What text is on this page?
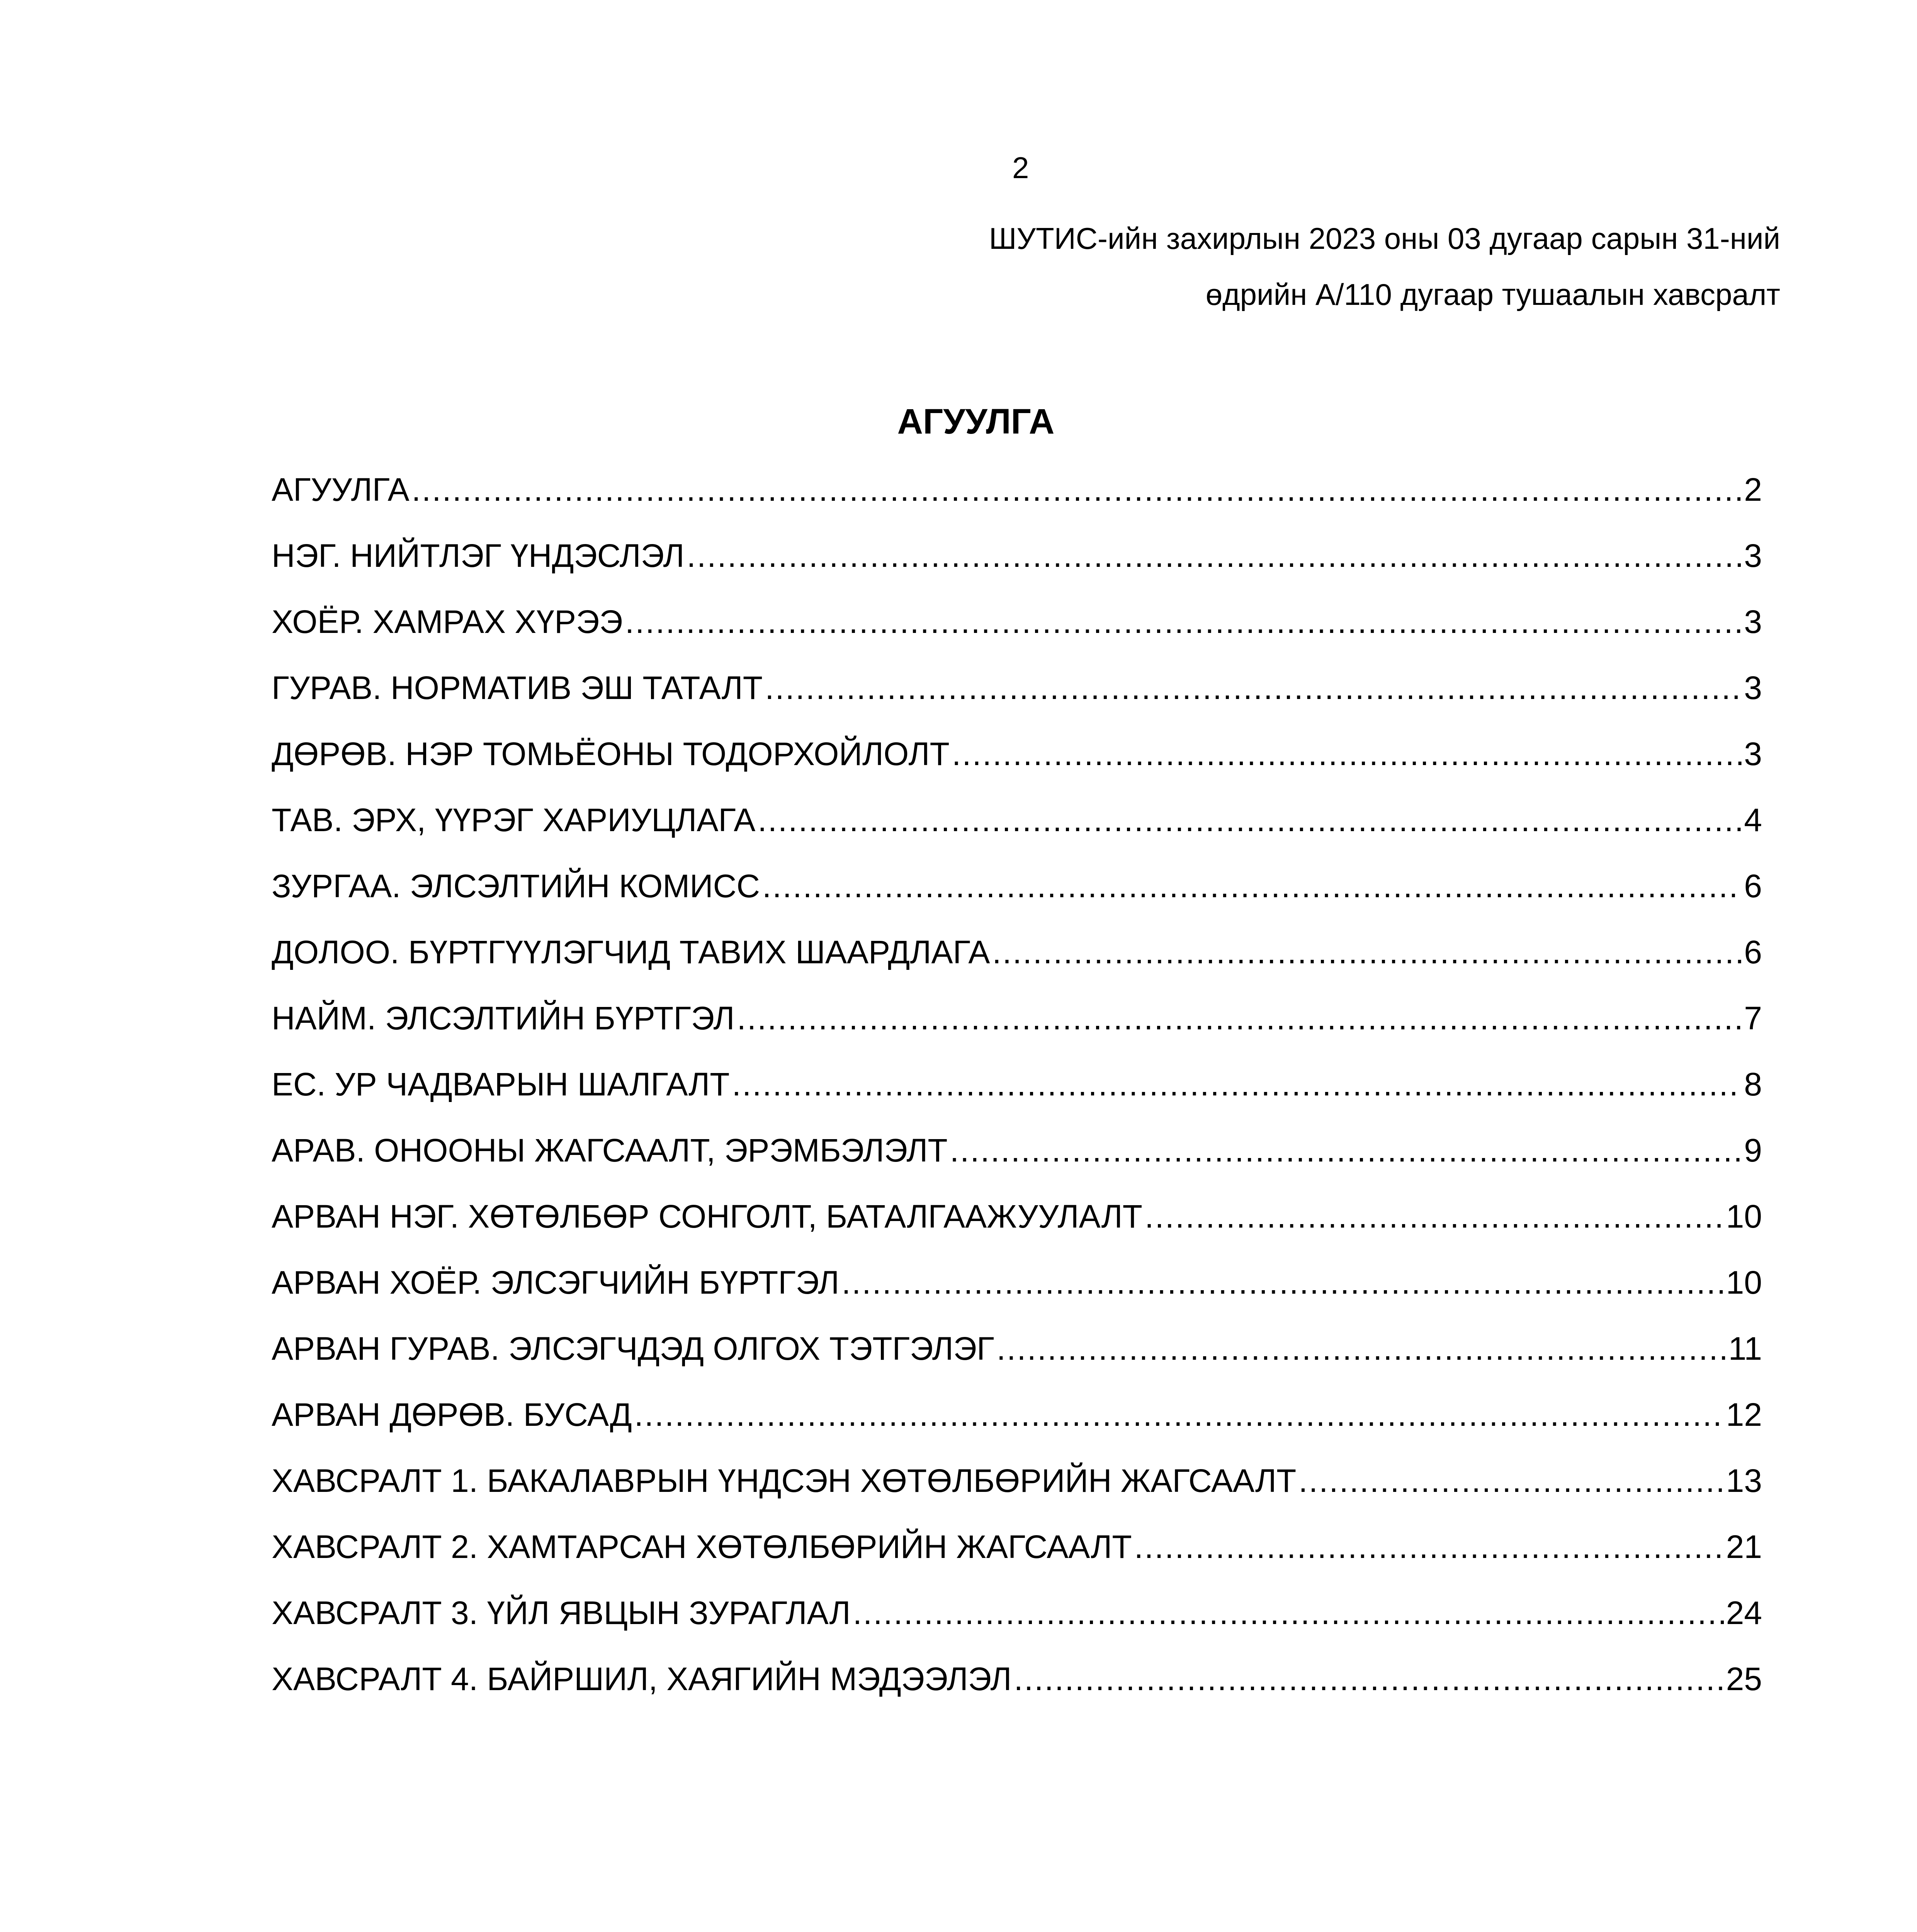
2
ШУТИС-ийн захирлын 2023 оны 03 дугаар сарын 31-ний
өдрийн А/110 дугаар тушаалын хавсралт
АГУУЛГА
АГУУЛГА .....	2
НЭГ. НИЙТЛЭГ ҮНДЭСЛЭЛ .....	3
ХОЁР. ХАМРАХ ХҮРЭЭ .....	3
ГУРАВ. НОРМАТИВ ЭШ ТАТАЛТ .....	3
ДӨРӨВ. НЭР ТОМЬЁОНЫ ТОДОРХОЙЛОЛТ .....	3
ТАВ. ЭРХ, ҮҮРЭГ ХАРИУЦЛАГА .....	4
ЗУРГАА. ЭЛСЭЛТИЙН КОМИСС .....	6
ДОЛОО. БҮРТГҮҮЛЭГЧИД ТАВИХ ШААРДЛАГА .....	6
НАЙМ. ЭЛСЭЛТИЙН БҮРТГЭЛ .....	7
ЕС. УР ЧАДВАРЫН ШАЛГАЛТ .....	8
АРАВ. ОНООНЫ ЖАГСААЛТ, ЭРЭМБЭЛЭЛТ .....	9
АРВАН НЭГ. ХӨТӨЛБӨР СОНГОЛТ, БАТАЛГААЖУУЛАЛТ .....	10
АРВАН ХОЁР. ЭЛСЭГЧИЙН БҮРТГЭЛ .....	10
АРВАН ГУРАВ. ЭЛСЭГЧДЭД ОЛГОХ ТЭТГЭЛЭГ .....	11
АРВАН ДӨРӨВ. БУСАД .....	12
ХАВСРАЛТ 1. БАКАЛАВРЫН ҮНДСЭН ХӨТӨЛБӨРИЙН ЖАГСААЛТ .....	13
ХАВСРАЛТ 2. ХАМТАРСАН ХӨТӨЛБӨРИЙН ЖАГСААЛТ .....	21
ХАВСРАЛТ 3. ҮЙЛ ЯВЦЫН ЗУРАГЛАЛ .....	24
ХАВСРАЛТ 4. БАЙРШИЛ, ХАЯГИЙН МЭДЭЭЛЭЛ .....	25
